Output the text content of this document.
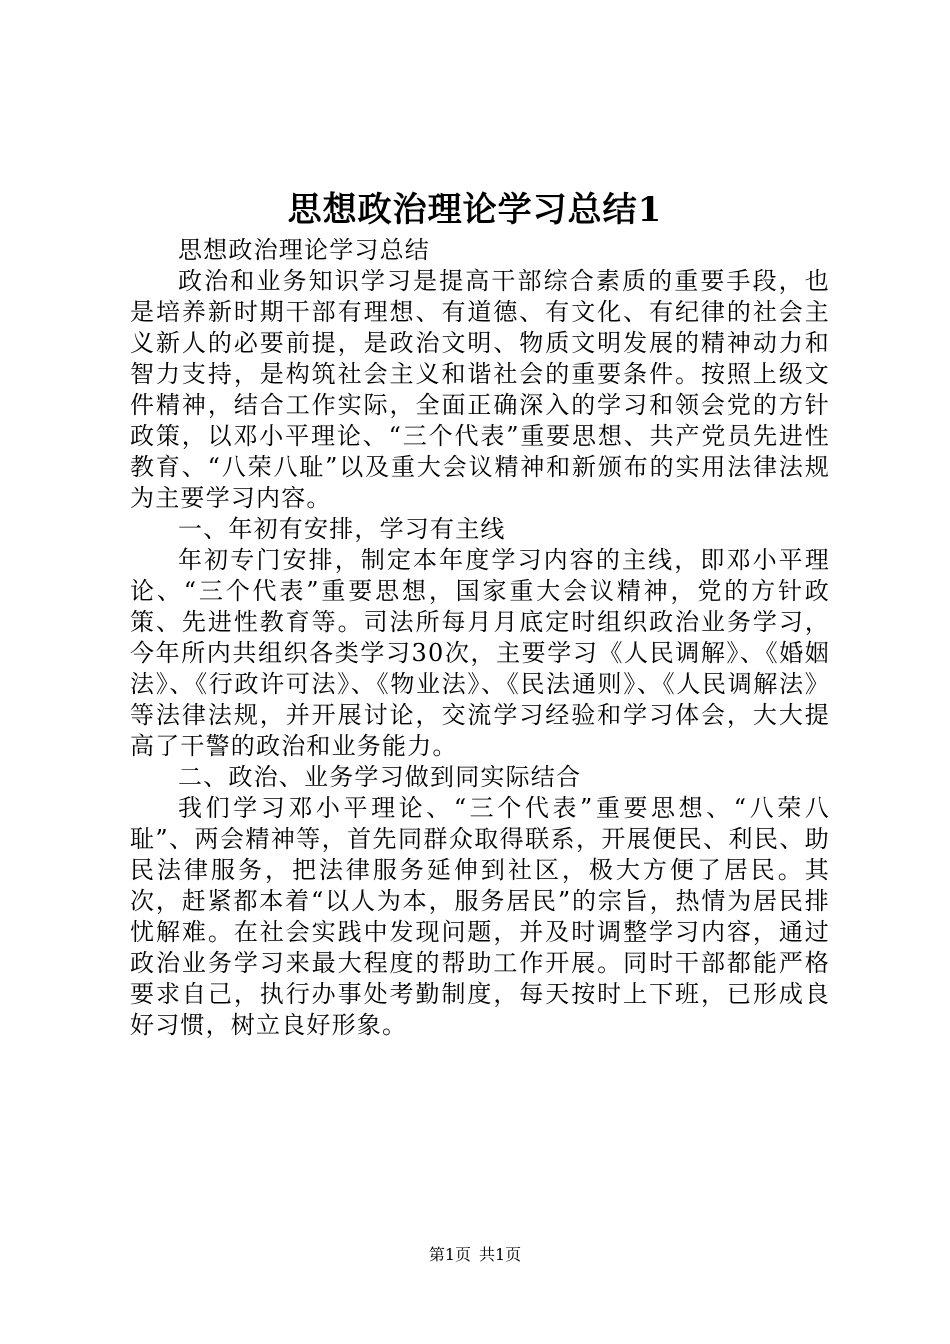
思想政治理论学习总结1

思想政治理论学习总结

政治和业务知识学习是提高干部综合素质的重要手段，也是培养新时期干部有理想、有道德、有文化、有纪律的社会主义新人的必要前提，是政治文明、物质文明发展的精神动力和智力支持，是构筑社会主义和谐社会的重要条件。按照上级文件精神，结合工作实际，全面正确深入的学习和领会党的方针政策，以邓小平理论、“三个代表”重要思想、共产党员先进性教育、“八荣八耻”以及重大会议精神和新颁布的实用法律法规为主要学习内容。

一、年初有安排，学习有主线

年初专门安排，制定本年度学习内容的主线，即邓小平理论、“三个代表”重要思想，国家重大会议精神，党的方针政策、先进性教育等。司法所每月月底定时组织政治业务学习，今年所内共组织各类学习30次，主要学习《人民调解》、《婚姻法》、《行政许可法》、《物业法》、《民法通则》、《人民调解法》等法律法规，并开展讨论，交流学习经验和学习体会，大大提高了干警的政治和业务能力。

二、政治、业务学习做到同实际结合

我们学习邓小平理论、“三个代表”重要思想、“八荣八耻”、两会精神等，首先同群众取得联系，开展便民、利民、助民法律服务，把法律服务延伸到社区，极大方便了居民。其次，赶紧都本着“以人为本，服务居民”的宗旨，热情为居民排忧解难。在社会实践中发现问题，并及时调整学习内容，通过政治业务学习来最大程度的帮助工作开展。同时干部都能严格要求自己，执行办事处考勤制度，每天按时上下班，已形成良好习惯，树立良好形象。

第1页 共1页
